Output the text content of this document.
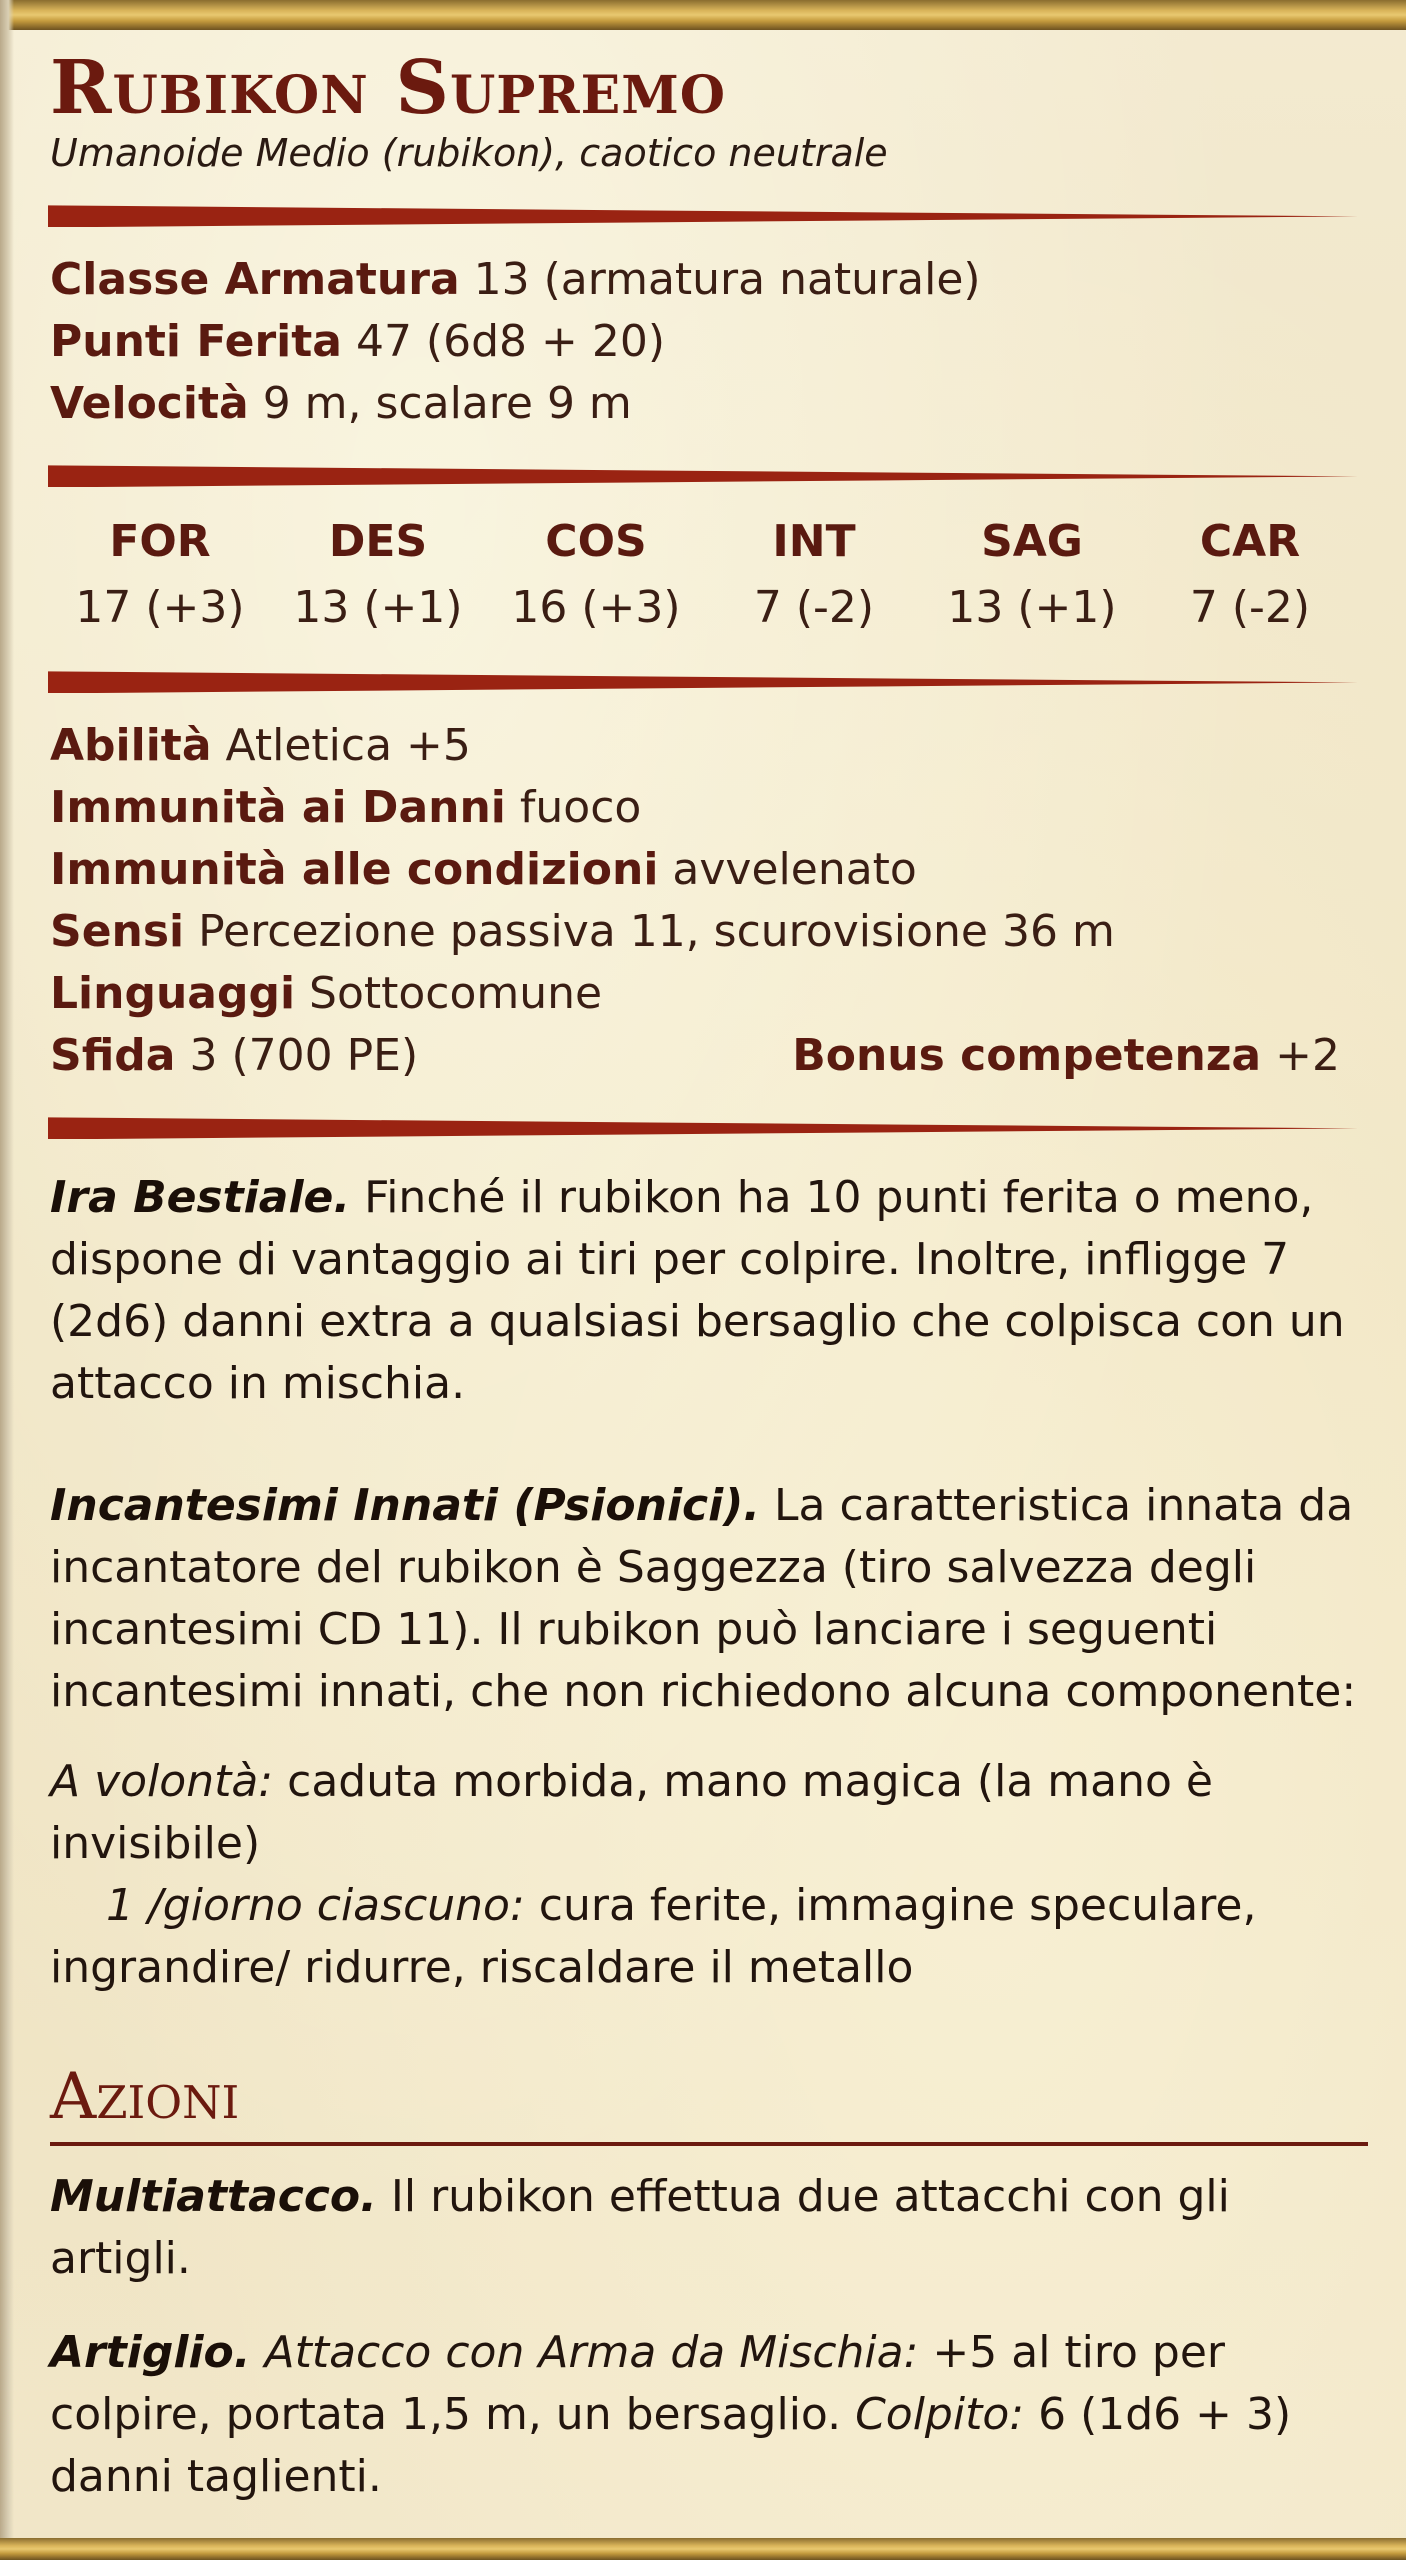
Rubikon Supremo
Umanoide Medio (rubikon), caotico neutrale
Classe Armatura 13 (armatura naturale)
Punti Ferita 47 (6d8 + 20)
Velocità 9 m, scalare 9 m
FOR
17 (+3)
DES
13 (+1)
COS
16 (+3)
INT
7 (-2)
SAG
13 (+1)
CAR
7 (-2)
Abilità Atletica +5
Immunità ai Danni fuoco
Immunità alle condizioni avvelenato
Sensi Percezione passiva 11, scurovisione 36 m
Linguaggi Sottocomune
Sfida 3 (700 PE)	Bonus competenza +2

Ira Bestiale. Finché il rubikon ha 10 punti ferita o meno, dispone di vantaggio ai tiri per colpire. Inoltre, infligge 7 (2d6) danni extra a qualsiasi bersaglio che colpisca con un attacco in mischia.

Incantesimi Innati (Psionici). La caratteristica innata da incantatore del rubikon è Saggezza (tiro salvezza degli incantesimi CD 11). Il rubikon può lanciare i seguenti incantesimi innati, che non richiedono alcuna componente:

A volontà: caduta morbida, mano magica (la mano è invisibile)

1 /giorno ciascuno: cura ferite, immagine speculare, ingrandire/ ridurre, riscaldare il metallo

Azioni

Multiattacco. Il rubikon effettua due attacchi con gli artigli.

Artiglio. Attacco con Arma da Mischia: +5 al tiro per colpire, portata 1,5 m, un bersaglio. Colpito: 6 (1d6 + 3) danni taglienti.
